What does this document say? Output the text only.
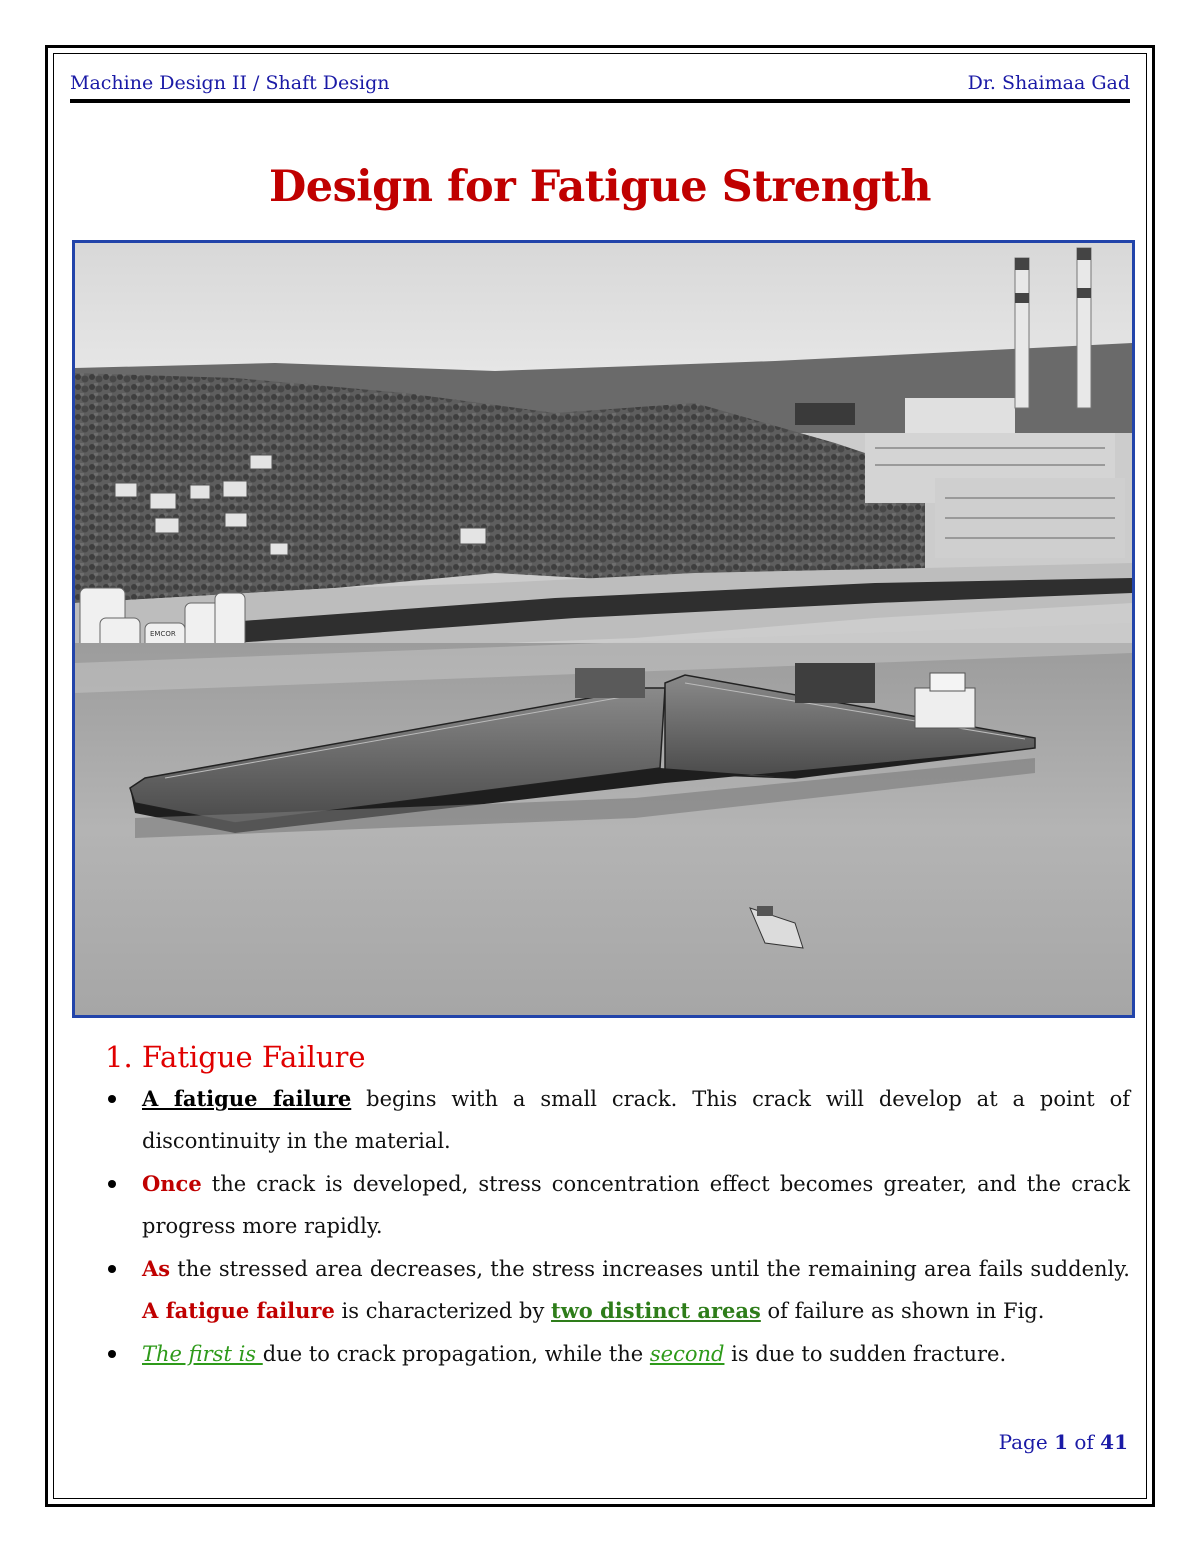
Machine Design II / Shaft Design	Dr. Shaimaa Gad
Design for Fatigue Strength
EMCOR
1. Fatigue Failure
A fatigue failure begins with a small crack. This crack will develop at a point of discontinuity in the material.
Once the crack is developed, stress concentration effect becomes greater, and the crack progress more rapidly.
As the stressed area decreases, the stress increases until the remaining area fails suddenly. A fatigue failure is characterized by two distinct areas of failure as shown in Fig.
The first is due to crack propagation, while the second is due to sudden fracture.
Page 1 of 41
